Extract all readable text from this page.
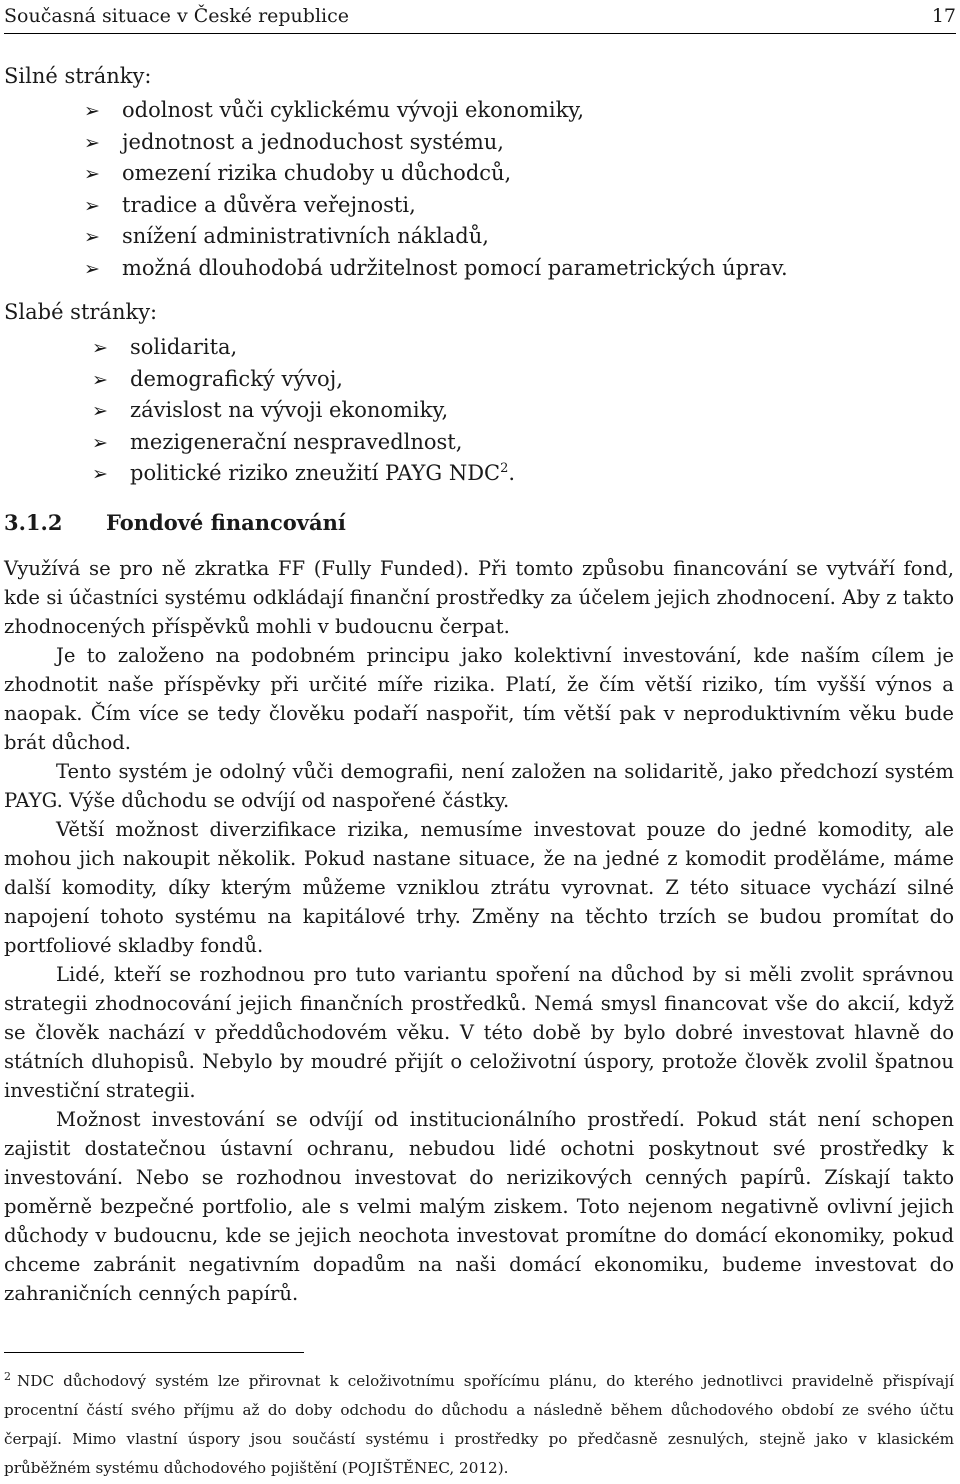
Současná situace v České republice	17
Silné stránky:
➢ odolnost vůči cyklickému vývoji ekonomiky,
➢ jednotnost a jednoduchost systému,
➢ omezení rizika chudoby u důchodců,
➢ tradice a důvěra veřejnosti,
➢ snížení administrativních nákladů,
➢ možná dlouhodobá udržitelnost pomocí parametrických úprav.
Slabé stránky:
➢ solidarita,
➢ demografický vývoj,
➢ závislost na vývoji ekonomiky,
➢ mezigenerační nespravedlnost,
➢ politické riziko zneužití PAYG NDC$^2$.
3.1.2 Fondové financování

Využívá se pro ně zkratka FF (Fully Funded). Při tomto způsobu financování se vytváří fond, kde si účastníci systému odkládají finanční prostředky za účelem jejich zhodnocení. Aby z takto zhodnocených příspěvků mohli v budoucnu čerpat.

Je to založeno na podobném principu jako kolektivní investování, kde naším cílem je zhodnotit naše příspěvky při určité míře rizika. Platí, že čím větší riziko, tím vyšší výnos a naopak. Čím více se tedy člověku podaří naspořit, tím větší pak v neproduktivním věku bude brát důchod.

Tento systém je odolný vůči demografii, není založen na solidaritě, jako předchozí systém PAYG. Výše důchodu se odvíjí od naspořené částky.

Větší možnost diverzifikace rizika, nemusíme investovat pouze do jedné komodity, ale mohou jich nakoupit několik. Pokud nastane situace, že na jedné z komodit proděláme, máme další komodity, díky kterým můžeme vzniklou ztrátu vyrovnat. Z této situace vychází silné napojení tohoto systému na kapitálové trhy. Změny na těchto trzích se budou promítat do portfoliové skladby fondů.

Lidé, kteří se rozhodnou pro tuto variantu spoření na důchod by si měli zvolit správnou strategii zhodnocování jejich finančních prostředků. Nemá smysl financovat vše do akcií, když se člověk nachází v předdůchodovém věku. V této době by bylo dobré investovat hlavně do státních dluhopisů. Nebylo by moudré přijít o celoživotní úspory, protože člověk zvolil špatnou investiční strategii.

Možnost investování se odvíjí od institucionálního prostředí. Pokud stát není schopen zajistit dostatečnou ústavní ochranu, nebudou lidé ochotni poskytnout své prostředky k investování. Nebo se rozhodnou investovat do nerizikových cenných papírů. Získají takto poměrně bezpečné portfolio, ale s velmi malým ziskem. Toto nejenom negativně ovlivní jejich důchody v budoucnu, kde se jejich neochota investovat promítne do domácí ekonomiky, pokud chceme zabránit negativním dopadům na naši domácí ekonomiku, budeme investovat do zahraničních cenných papírů.

$^2$ NDC důchodový systém lze přirovnat k celoživotnímu spořícímu plánu, do kterého jednotlivci pravidelně přispívají procentní částí svého příjmu až do doby odchodu do důchodu a následně během důchodového období ze svého účtu čerpají. Mimo vlastní úspory jsou součástí systému i prostředky po předčasně zesnulých, stejně jako v klasickém průběžném systému důchodového pojištění (POJIŠTĚNEC, 2012).
